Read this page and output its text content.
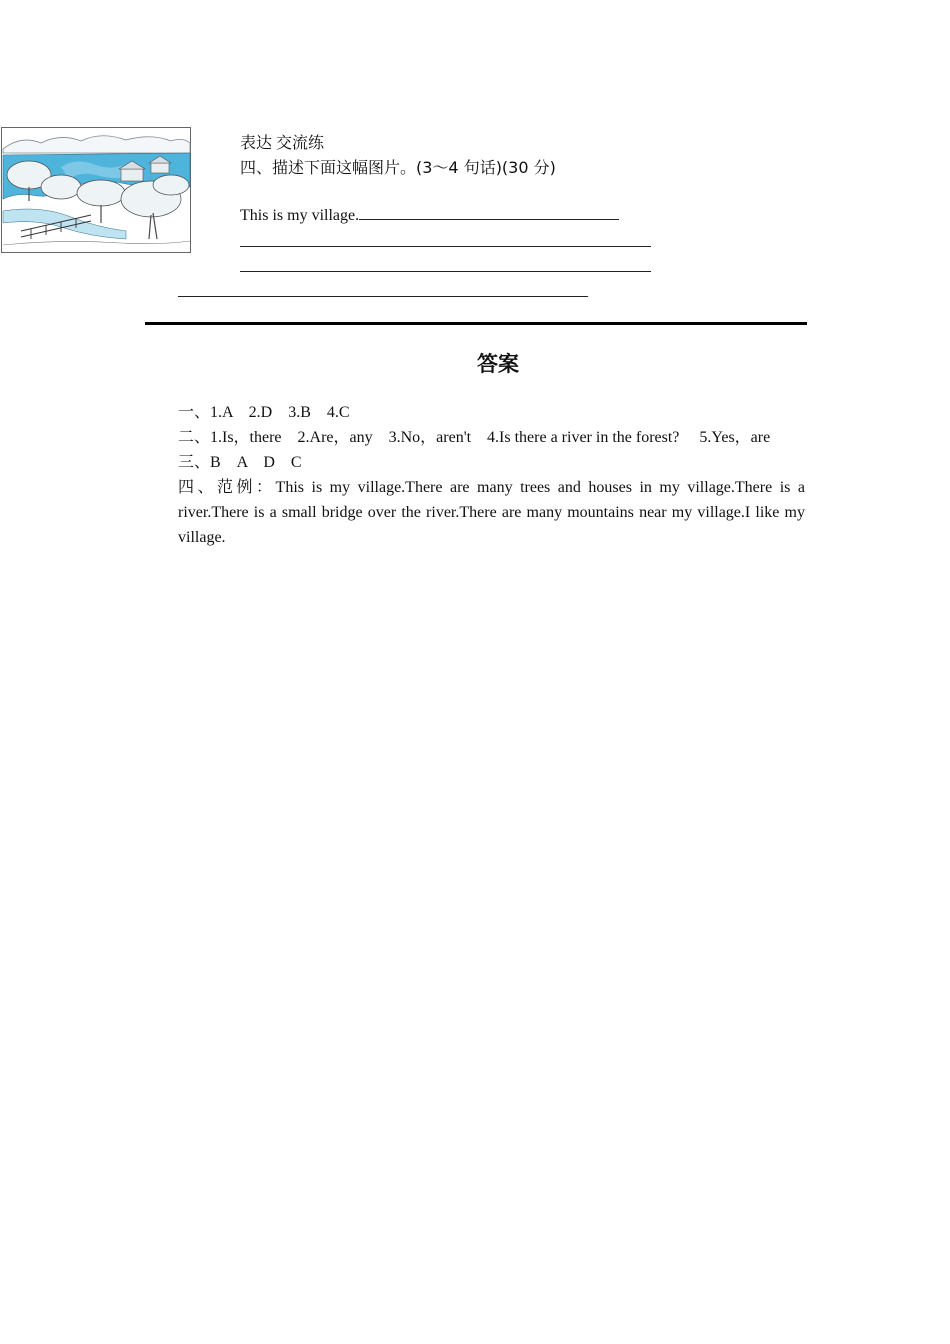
表达 交流练
四、描述下面这幅图片。(3～4 句话)(30 分)
This is my village.
答案
一、1.A　2.D　3.B　4.C
二、1.Is，there　2.Are，any　3.No，aren't　4.Is there a river in the forest?　 5.Yes，are
三、B　A　D　C
四、范例：This is my village.There are many trees and houses in my village.There is a river.There is a small bridge over the river.There are many mountains near my village.I like my village.
